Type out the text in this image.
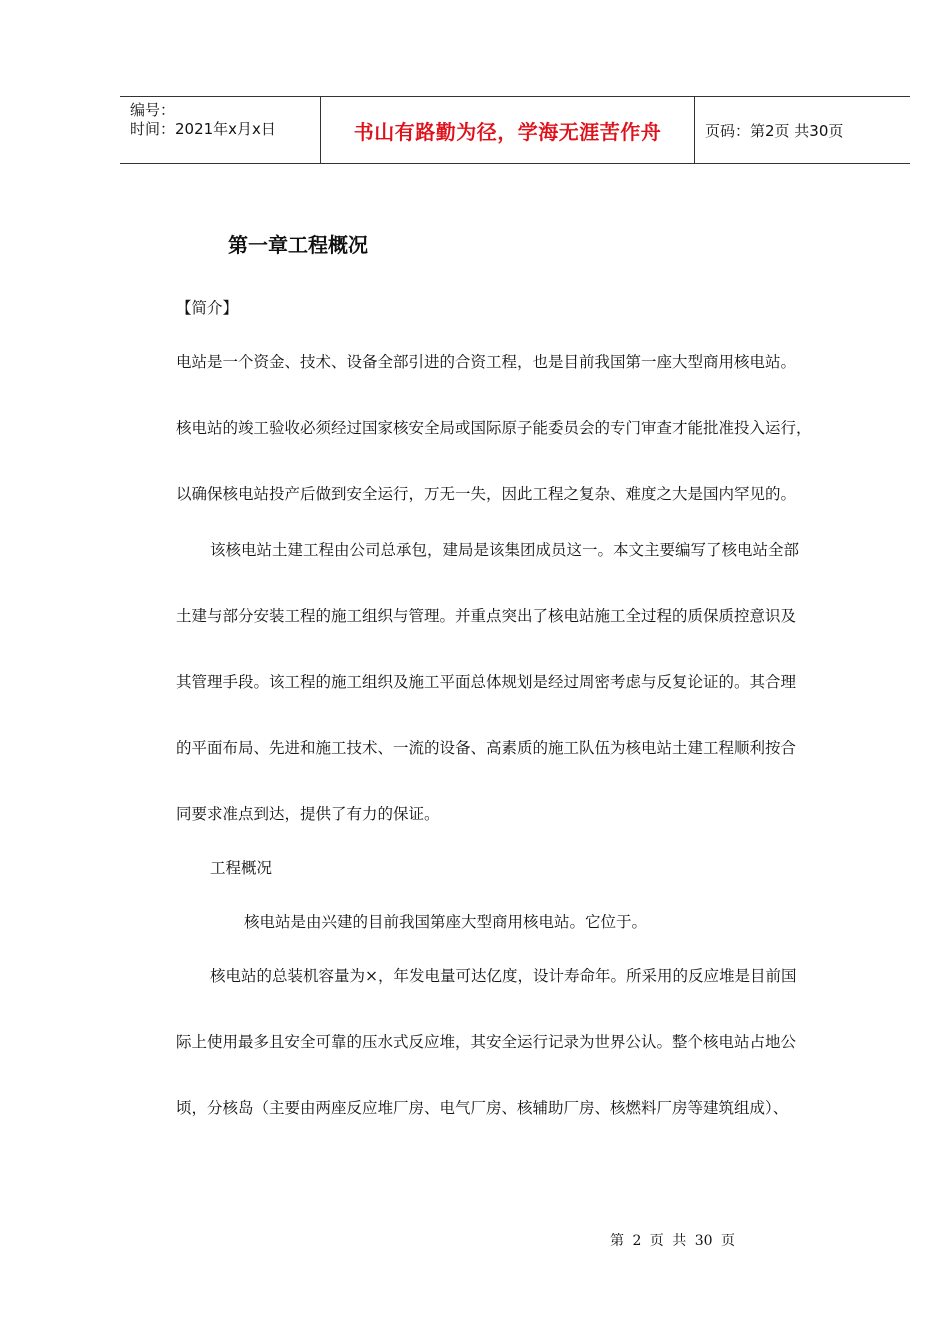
编号：
时间：2021年x月x日	书山有路勤为径，学海无涯苦作舟	页码：第2页 共30页
第一章工程概况
【简介】
电站是一个资金、技术、设备全部引进的合资工程，也是目前我国第一座大型商用核电站。
核电站的竣工验收必须经过国家核安全局或国际原子能委员会的专门审查才能批准投入运行，
以确保核电站投产后做到安全运行，万无一失，因此工程之复杂、难度之大是国内罕见的。
该核电站土建工程由公司总承包，建局是该集团成员这一。本文主要编写了核电站全部
土建与部分安装工程的施工组织与管理。并重点突出了核电站施工全过程的质保质控意识及
其管理手段。该工程的施工组织及施工平面总体规划是经过周密考虑与反复论证的。其合理
的平面布局、先进和施工技术、一流的设备、高素质的施工队伍为核电站土建工程顺利按合
同要求准点到达，提供了有力的保证。
工程概况
核电站是由兴建的目前我国第座大型商用核电站。它位于。
核电站的总装机容量为×，年发电量可达亿度，设计寿命年。所采用的反应堆是目前国
际上使用最多且安全可靠的压水式反应堆，其安全运行记录为世界公认。整个核电站占地公
顷，分核岛（主要由两座反应堆厂房、电气厂房、核辅助厂房、核燃料厂房等建筑组成）、
第 2 页 共 30 页
